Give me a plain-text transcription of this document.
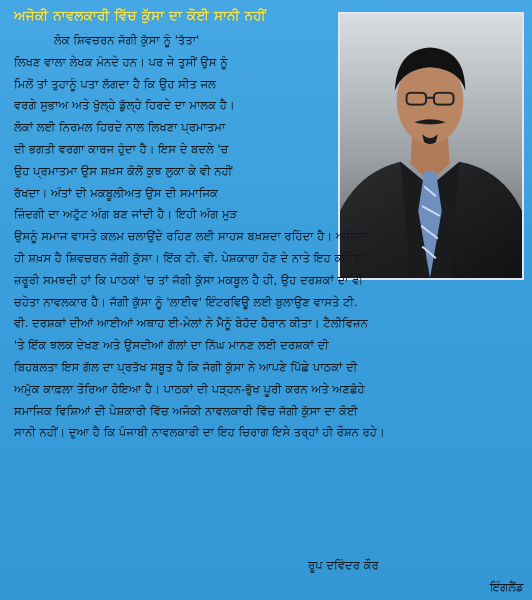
ਅਜੋਕੀ ਨਾਵਲਕਾਰੀ ਵਿੱਚ ਕੁੱਸਾ ਦਾ ਕੋਈ ਸਾਨੀ ਨਹੀਂ
ਲੋਕ ਸ਼ਿਵਚਰਨ ਜੱਗੀ ਕੁੱਸਾ ਨੂੰ 'ਤੱਤਾ'
ਲਿਖਣ ਵਾਲਾ ਲੇਖਕ ਮੰਨਦੇ ਹਨ। ਪਰ ਜੇ ਤੁਸੀਂ ਉਸ ਨੂੰ
ਮਿਲੋਂ ਤਾਂ ਤੁਹਾਨੂੰ ਪਤਾ ਲੱਗਦਾ ਹੈ ਕਿ ਉਹ ਸੀਤ ਜਲ
ਵਰਗੇ ਸੁਭਾਅ ਅਤੇ ਖੁੱਲ੍ਹੇ ਡੁੱਲ੍ਹੇ ਹਿਰਦੇ ਦਾ ਮਾਲਕ ਹੈ।
ਲੋਕਾਂ ਲਈ ਨਿਰਮਲ ਹਿਰਦੇ ਨਾਲ ਲਿਖਣਾ ਪ੍ਰਮਾਤਮਾ
ਦੀ ਭਗਤੀ ਵਰਗਾ ਕਾਰਜ ਹੁੰਦਾ ਹੈ। ਇਸ ਦੇ ਬਦਲੇ 'ਚ
ਉਹ ਪ੍ਰਮਾਤਮਾ ਉਸ ਸ਼ਖ਼ਸ ਕੋਲੋਂ ਕੁਝ ਲੁਕਾ ਕੇ ਵੀ ਨਹੀਂ
ਰੱਖਦਾ। ਅੰਤਾਂ ਦੀ ਮਕਬੂਲੀਅਤ ਉਸ ਦੀ ਸਮਾਜਿਕ
ਜ਼ਿੰਦਗੀ ਦਾ ਅਟੁੱਟ ਅੰਗ ਬਣ ਜਾਂਦੀ ਹੈ। ਇਹੀ ਅੰਗ ਮੁੜ
ਉਸਨੂੰ ਸਮਾਜ ਵਾਸਤੇ ਕਲਮ ਚਲਾਉਂਦੇ ਰਹਿਣ ਲਈ ਸਾਹਸ ਬਖ਼ਸ਼ਦਾ ਰਹਿੰਦਾ ਹੈ। ਅਜਿਹਾ
ਹੀ ਸ਼ਖ਼ਸ ਹੈ ਸ਼ਿਵਚਰਨ ਜੱਗੀ ਕੁੱਸਾ। ਇੱਕ ਟੀ. ਵੀ. ਪੇਸ਼ਕਾਰਾ ਹੋਣ ਦੇ ਨਾਤੇ ਇਹ ਕਹਿਣਾ
ਜ਼ਰੂਰੀ ਸਮਝਦੀ ਹਾਂ ਕਿ ਪਾਠਕਾਂ 'ਚ ਤਾਂ ਜੱਗੀ ਕੁੱਸਾ ਮਕਬੂਲ ਹੈ ਹੀ, ਉਹ ਦਰਸ਼ਕਾਂ ਦਾ ਵੀ
ਚਹੇਤਾ ਨਾਵਲਕਾਰ ਹੈ। ਜੱਗੀ ਕੁੱਸਾ ਨੂੰ 'ਲਾਈਵ' ਇੰਟਰਵਿਊ ਲਈ ਬੁਲਾਉਣ ਵਾਸਤੇ ਟੀ.
ਵੀ. ਦਰਸ਼ਕਾਂ ਦੀਆਂ ਆਈਆਂ ਅਥਾਹ ਈ-ਮੇਲਾਂ ਨੇ ਮੈਨੂੰ ਬੇਹੱਦ ਹੈਰਾਨ ਕੀਤਾ। ਟੈਲੀਵਿਜ਼ਨ
'ਤੇ ਇੱਕ ਝਲਕ ਦੇਖਣ ਅਤੇ ਉਸਦੀਆਂ ਗੱਲਾਂ ਦਾ ਨਿੱਘ ਮਾਨਣ ਲਈ ਦਰਸ਼ਕਾਂ ਦੀ
ਬਿਹਬਲਤਾ ਇਸ ਗੱਲ ਦਾ ਪ੍ਰਤੱਖ ਸਬੂਤ ਹੈ ਕਿ ਜੱਗੀ ਕੁੱਸਾ ਨੇ ਆਪਣੇ ਪਿੱਛੇ ਪਾਠਕਾਂ ਦੀ
ਅਮੁੱਕ ਕਾਫ਼ਲਾ ਤੋਰਿਆ ਹੋਇਆ ਹੈ। ਪਾਠਕਾਂ ਦੀ ਪੜ੍ਹਨ-ਭੁੱਖ ਪੂਰੀ ਕਰਨ ਅਤੇ ਅਣਛੋਹੇ
ਸਮਾਜਿਕ ਵਿਸ਼ਿਆਂ ਦੀ ਪੇਸ਼ਕਾਰੀ ਵਿੱਚ ਅਜੋਕੀ ਨਾਵਲਕਾਰੀ ਵਿੱਚ ਜੱਗੀ ਕੁੱਸਾ ਦਾ ਕੋਈ
ਸਾਨੀ ਨਹੀਂ। ਦੁਆ ਹੈ ਕਿ ਪੰਜਾਬੀ ਨਾਵਲਕਾਰੀ ਦਾ ਇਹ ਚਿਰਾਗ ਇਸੇ ਤਰ੍ਹਾਂ ਹੀ ਰੌਸ਼ਨ ਰਹੇ।
ਰੂਪ ਦਵਿੰਦਰ ਕੌਰ
ਇੰਗਲੈਂਡ
